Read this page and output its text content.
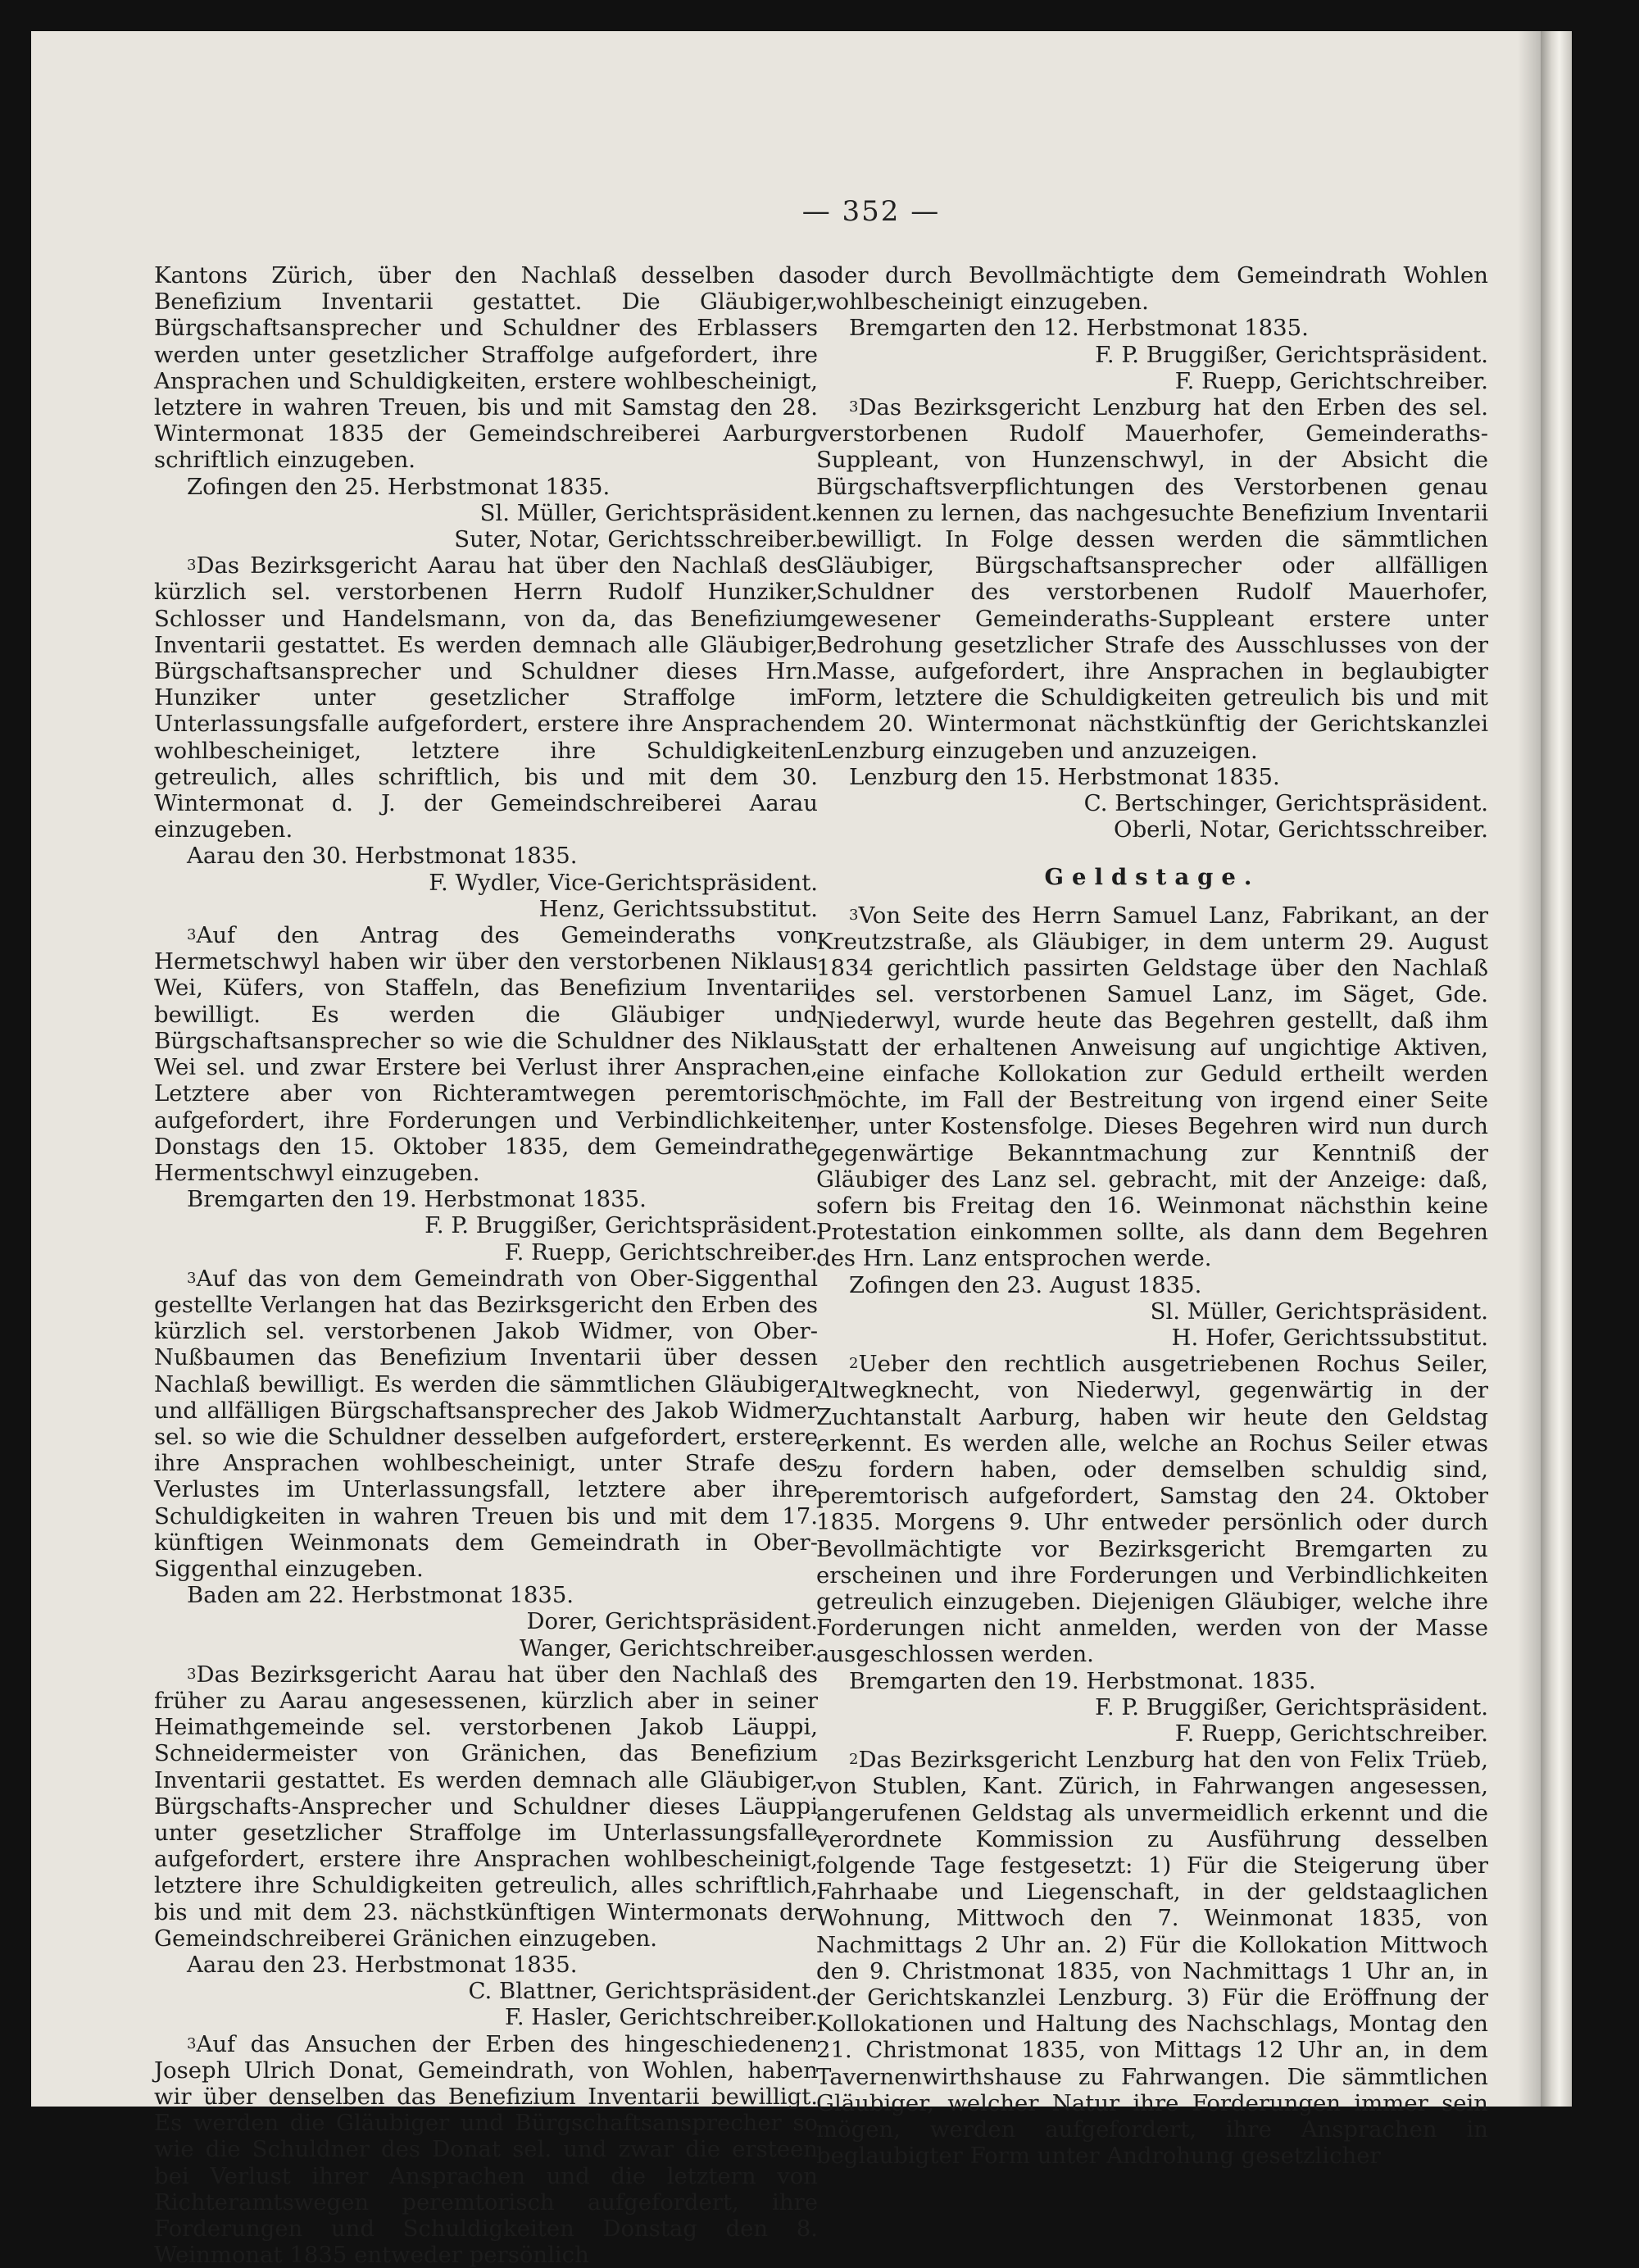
— 352 —
Kantons Zürich, über den Nachlaß desselben das Benefizium Inventarii gestattet. Die Gläubiger, Bürgschaftsansprecher und Schuldner des Erblassers werden unter gesetzlicher Straffolge aufgefordert, ihre Ansprachen und Schuldigkeiten, erstere wohlbescheinigt, letztere in wahren Treuen, bis und mit Samstag den 28. Wintermonat 1835 der Gemeindschreiberei Aarburg schriftlich einzugeben.
Zofingen den 25. Herbstmonat 1835.
Sl. Müller, Gerichtspräsident.
Suter, Notar, Gerichtsschreiber.
$^3$Das Bezirksgericht Aarau hat über den Nachlaß des kürzlich sel. verstorbenen Herrn Rudolf Hunziker, Schlosser und Handelsmann, von da, das Benefizium Inventarii gestattet. Es werden demnach alle Gläubiger, Bürgschaftsansprecher und Schuldner dieses Hrn. Hunziker unter gesetzlicher Straffolge im Unterlassungsfalle aufgefordert, erstere ihre Ansprachen wohlbescheiniget, letztere ihre Schuldigkeiten getreulich, alles schriftlich, bis und mit dem 30. Wintermonat d. J. der Gemeindschreiberei Aarau einzugeben.
Aarau den 30. Herbstmonat 1835.
F. Wydler, Vice-Gerichtspräsident.
Henz, Gerichtssubstitut.
$^3$Auf den Antrag des Gemeinderaths von Hermetschwyl haben wir über den verstorbenen Niklaus Wei, Küfers, von Staffeln, das Benefizium Inventarii bewilligt. Es werden die Gläubiger und Bürgschaftsansprecher so wie die Schuldner des Niklaus Wei sel. und zwar Erstere bei Verlust ihrer Ansprachen, Letztere aber von Richteramtwegen peremtorisch aufgefordert, ihre Forderungen und Verbindlichkeiten Donstags den 15. Oktober 1835, dem Gemeindrathe Hermentschwyl einzugeben.
Bremgarten den 19. Herbstmonat 1835.
F. P. Bruggißer, Gerichtspräsident.
F. Ruepp, Gerichtschreiber.
$^3$Auf das von dem Gemeindrath von Ober-Siggenthal gestellte Verlangen hat das Bezirksgericht den Erben des kürzlich sel. verstorbenen Jakob Widmer, von Ober-Nußbaumen das Benefizium Inventarii über dessen Nachlaß bewilligt. Es werden die sämmtlichen Gläubiger und allfälligen Bürgschaftsansprecher des Jakob Widmer sel. so wie die Schuldner desselben aufgefordert, erstere ihre Ansprachen wohlbescheinigt, unter Strafe des Verlustes im Unterlassungsfall, letztere aber ihre Schuldigkeiten in wahren Treuen bis und mit dem 17. künftigen Weinmonats dem Gemeindrath in Ober-Siggenthal einzugeben.
Baden am 22. Herbstmonat 1835.
Dorer, Gerichtspräsident.
Wanger, Gerichtschreiber.
$^3$Das Bezirksgericht Aarau hat über den Nachlaß des früher zu Aarau angesessenen, kürzlich aber in seiner Heimathgemeinde sel. verstorbenen Jakob Läuppi, Schneidermeister von Gränichen, das Benefizium Inventarii gestattet. Es werden demnach alle Gläubiger, Bürgschafts-Ansprecher und Schuldner dieses Läuppi unter gesetzlicher Straffolge im Unterlassungsfalle aufgefordert, erstere ihre Ansprachen wohlbescheinigt, letztere ihre Schuldigkeiten getreulich, alles schriftlich, bis und mit dem 23. nächstkünftigen Wintermonats der Gemeindschreiberei Gränichen einzugeben.
Aarau den 23. Herbstmonat 1835.
C. Blattner, Gerichtspräsident.
F. Hasler, Gerichtschreiber.
$^3$Auf das Ansuchen der Erben des hingeschiedenen Joseph Ulrich Donat, Gemeindrath, von Wohlen, haben wir über denselben das Benefizium Inventarii bewilligt. Es werden die Gläubiger und Bürgschaftsansprecher so wie die Schuldner des Donat sel. und zwar die ersteen bei Verlust ihrer Ansprachen und die letztern von Richteramtswegen peremtorisch aufgefordert, ihre Forderungen und Schuldigkeiten Donstag den 8. Weinmonat 1835 entweder persönlich
oder durch Bevollmächtigte dem Gemeindrath Wohlen wohlbescheinigt einzugeben.
Bremgarten den 12. Herbstmonat 1835.
F. P. Bruggißer, Gerichtspräsident.
F. Ruepp, Gerichtschreiber.
$^3$Das Bezirksgericht Lenzburg hat den Erben des sel. verstorbenen Rudolf Mauerhofer, Gemeinderaths-Suppleant, von Hunzenschwyl, in der Absicht die Bürgschaftsverpflichtungen des Verstorbenen genau kennen zu lernen, das nachgesuchte Benefizium Inventarii bewilligt. In Folge dessen werden die sämmtlichen Gläubiger, Bürgschaftsansprecher oder allfälligen Schuldner des verstorbenen Rudolf Mauerhofer, gewesener Gemeinderaths-Suppleant erstere unter Bedrohung gesetzlicher Strafe des Ausschlusses von der Masse, aufgefordert, ihre Ansprachen in beglaubigter Form, letztere die Schuldigkeiten getreulich bis und mit dem 20. Wintermonat nächstkünftig der Gerichtskanzlei Lenzburg einzugeben und anzuzeigen.
Lenzburg den 15. Herbstmonat 1835.
C. Bertschinger, Gerichtspräsident.
Oberli, Notar, Gerichtsschreiber.
Geldstage.
$^3$Von Seite des Herrn Samuel Lanz, Fabrikant, an der Kreutzstraße, als Gläubiger, in dem unterm 29. August 1834 gerichtlich passirten Geldstage über den Nachlaß des sel. verstorbenen Samuel Lanz, im Säget, Gde. Niederwyl, wurde heute das Begehren gestellt, daß ihm statt der erhaltenen Anweisung auf ungichtige Aktiven, eine einfache Kollokation zur Geduld ertheilt werden möchte, im Fall der Bestreitung von irgend einer Seite her, unter Kostensfolge. Dieses Begehren wird nun durch gegenwärtige Bekanntmachung zur Kenntniß der Gläubiger des Lanz sel. gebracht, mit der Anzeige: daß, sofern bis Freitag den 16. Weinmonat nächsthin keine Protestation einkommen sollte, als dann dem Begehren des Hrn. Lanz entsprochen werde.
Zofingen den 23. August 1835.
Sl. Müller, Gerichtspräsident.
H. Hofer, Gerichtssubstitut.
$^2$Ueber den rechtlich ausgetriebenen Rochus Seiler, Altwegknecht, von Niederwyl, gegenwärtig in der Zuchtanstalt Aarburg, haben wir heute den Geldstag erkennt. Es werden alle, welche an Rochus Seiler etwas zu fordern haben, oder demselben schuldig sind, peremtorisch aufgefordert, Samstag den 24. Oktober 1835. Morgens 9. Uhr entweder persönlich oder durch Bevollmächtigte vor Bezirksgericht Bremgarten zu erscheinen und ihre Forderungen und Verbindlichkeiten getreulich einzugeben. Diejenigen Gläubiger, welche ihre Forderungen nicht anmelden, werden von der Masse ausgeschlossen werden.
Bremgarten den 19. Herbstmonat. 1835.
F. P. Bruggißer, Gerichtspräsident.
F. Ruepp, Gerichtschreiber.
$^2$Das Bezirksgericht Lenzburg hat den von Felix Trüeb, von Stublen, Kant. Zürich, in Fahrwangen angesessen, angerufenen Geldstag als unvermeidlich erkennt und die verordnete Kommission zu Ausführung desselben folgende Tage festgesetzt: 1) Für die Steigerung über Fahrhaabe und Liegenschaft, in der geldstaaglichen Wohnung, Mittwoch den 7. Weinmonat 1835, von Nachmittags 2 Uhr an. 2) Für die Kollokation Mittwoch den 9. Christmonat 1835, von Nachmittags 1 Uhr an, in der Gerichtskanzlei Lenzburg. 3) Für die Eröffnung der Kollokationen und Haltung des Nachschlags, Montag den 21. Christmonat 1835, von Mittags 12 Uhr an, in dem Tavernenwirthshause zu Fahrwangen. Die sämmtlichen Gläubiger, welcher Natur ihre Forderungen immer sein mögen, werden aufgefordert, ihre Ansprachen in beglaubigter Form unter Androhung gesetzlicher
